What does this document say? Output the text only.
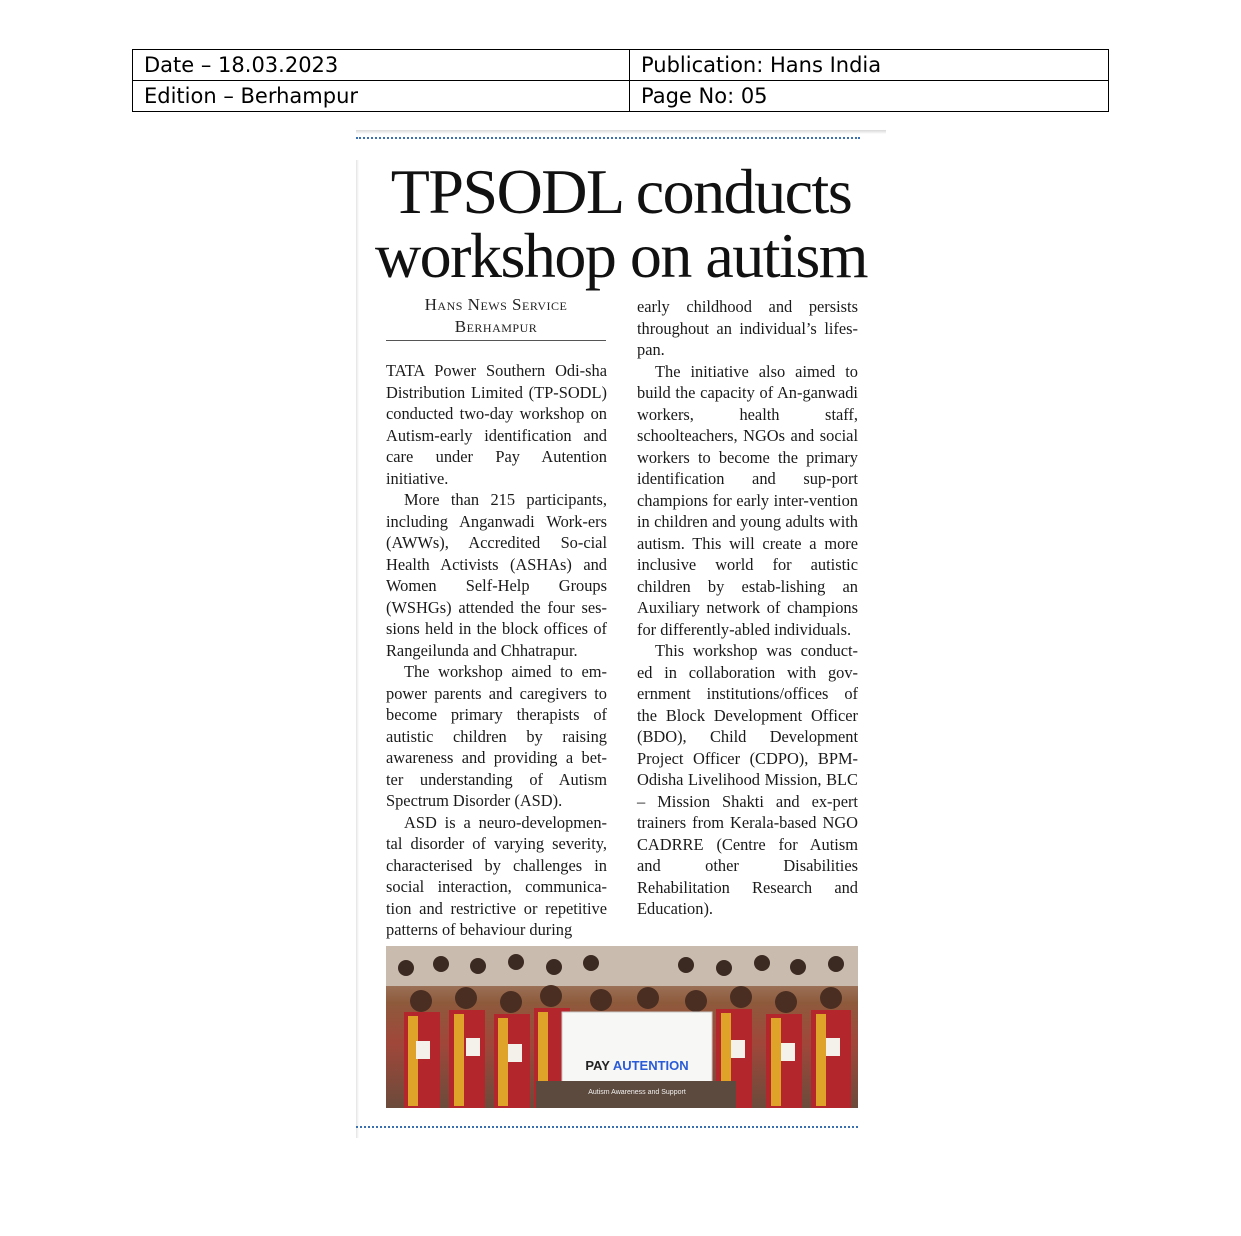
Date – 18.03.2023	Publication: Hans India
Edition – Berhampur	Page No: 05
TPSODL conducts
workshop on autism
Hans News Service
Berhampur

TATA Power Southern Odi-sha Distribution Limited (TP-SODL) conducted two-day workshop on Autism-early identification and care under Pay Autention initiative.

More than 215 participants, including Anganwadi Work-ers (AWWs), Accredited So-cial Health Activists (ASHAs) and Women Self-Help Groups (WSHGs) attended the four ses-sions held in the block offices of Rangeilunda and Chhatrapur.

The workshop aimed to em-power parents and caregivers to become primary therapists of autistic children by raising awareness and providing a bet-ter understanding of Autism Spectrum Disorder (ASD).

ASD is a neuro-developmen-tal disorder of varying severity, characterised by challenges in social interaction, communica-tion and restrictive or repetitive patterns of behaviour during

early childhood and persists throughout an individual’s lifes-pan.

The initiative also aimed to build the capacity of An-ganwadi workers, health staff, schoolteachers, NGOs and social workers to become the primary identification and sup-port champions for early inter-vention in children and young adults with autism. This will create a more inclusive world for autistic children by estab-lishing an Auxiliary network of champions for differently-abled individuals.

This workshop was conduct-ed in collaboration with gov-ernment institutions/offices of the Block Development Officer (BDO), Child Development Project Officer (CDPO), BPM-Odisha Livelihood Mission, BLC – Mission Shakti and ex-pert trainers from Kerala-based NGO CADRRE (Centre for Autism and other Disabilities Rehabilitation Research and Education).

PAY AUTENTION
Autism Awareness and Support
